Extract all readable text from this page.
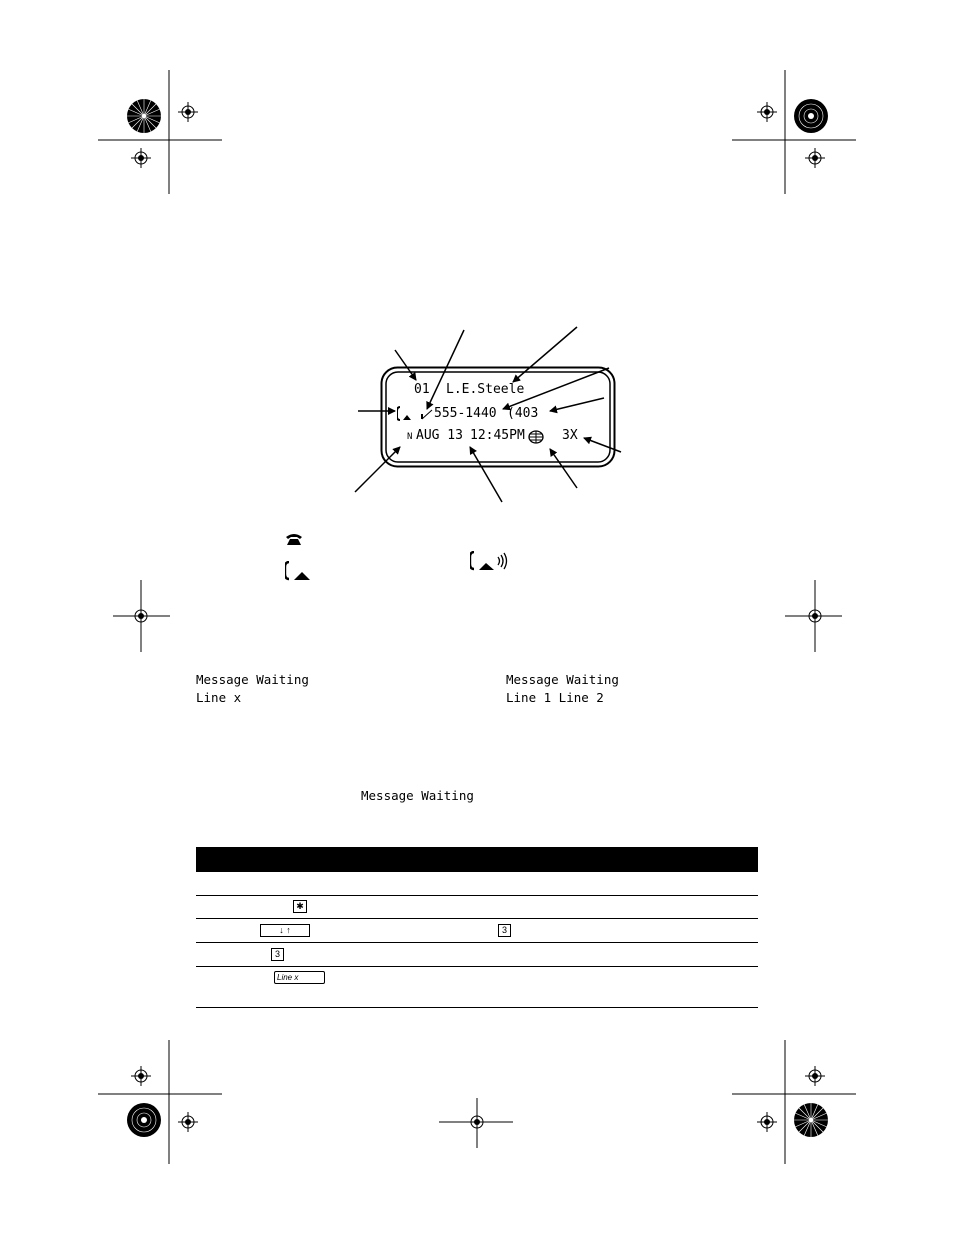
01 L.E.Steele
555-1440 (403
N AUG 13 12:45PM	3X
Message Waiting
Line x
Message Waiting
Line 1 Line 2
Message Waiting
✱
↓ ↑	3
3
Line x
